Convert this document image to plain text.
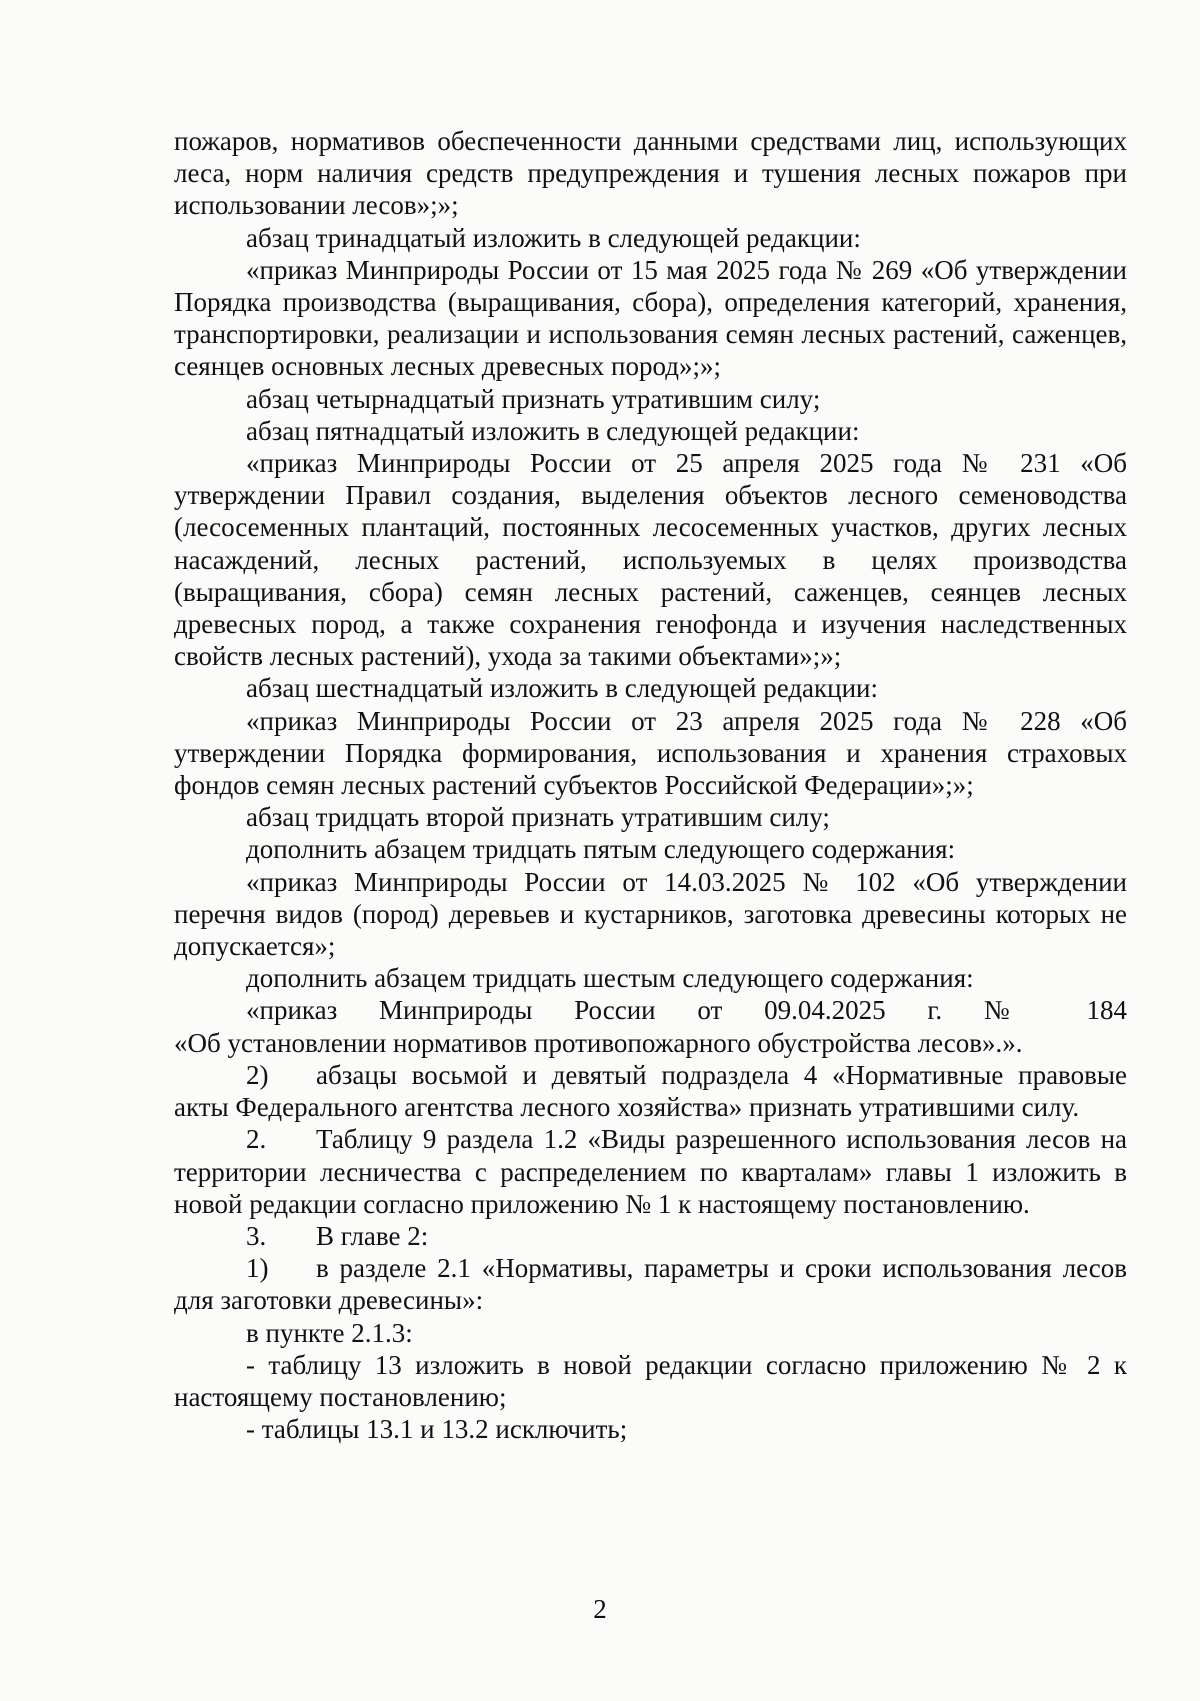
пожаров, нормативов обеспеченности данными средствами лиц, использующих леса, норм наличия средств предупреждения и тушения лесных пожаров при использовании лесов»;»;

абзац тринадцатый изложить в следующей редакции:

«приказ Минприроды России от 15 мая 2025 года № 269 «Об утверждении Порядка производства (выращивания, сбора), определения категорий, хранения, транспортировки, реализации и использования семян лесных растений, саженцев, сеянцев основных лесных древесных пород»;»;

абзац четырнадцатый признать утратившим силу;

абзац пятнадцатый изложить в следующей редакции:

«приказ Минприроды России от 25 апреля 2025 года № 231 «Об утверждении Правил создания, выделения объектов лесного семеноводства (лесосеменных плантаций, постоянных лесосеменных участков, других лесных насаждений, лесных растений, используемых в целях производства (выращивания, сбора) семян лесных растений, саженцев, сеянцев лесных древесных пород, а также сохранения генофонда и изучения наследственных свойств лесных растений), ухода за такими объектами»;»;

абзац шестнадцатый изложить в следующей редакции:

«приказ Минприроды России от 23 апреля 2025 года № 228 «Об утверждении Порядка формирования, использования и хранения страховых фондов семян лесных растений субъектов Российской Федерации»;»;

абзац тридцать второй признать утратившим силу;

дополнить абзацем тридцать пятым следующего содержания:

«приказ Минприроды России от 14.03.2025 № 102 «Об утверждении перечня видов (пород) деревьев и кустарников, заготовка древесины которых не допускается»;

дополнить абзацем тридцать шестым следующего содержания:

«приказ Минприроды России от 09.04.2025 г. № 184

«Об установлении нормативов противопожарного обустройства лесов».».

2) абзацы восьмой и девятый подраздела 4 «Нормативные правовые акты Федерального агентства лесного хозяйства» признать утратившими силу.

2. Таблицу 9 раздела 1.2 «Виды разрешенного использования лесов на территории лесничества с распределением по кварталам» главы 1 изложить в новой редакции согласно приложению № 1 к настоящему постановлению.

3. В главе 2:

1) в разделе 2.1 «Нормативы, параметры и сроки использования лесов для заготовки древесины»:

в пункте 2.1.3:

- таблицу 13 изложить в новой редакции согласно приложению № 2 к настоящему постановлению;

- таблицы 13.1 и 13.2 исключить;

2
